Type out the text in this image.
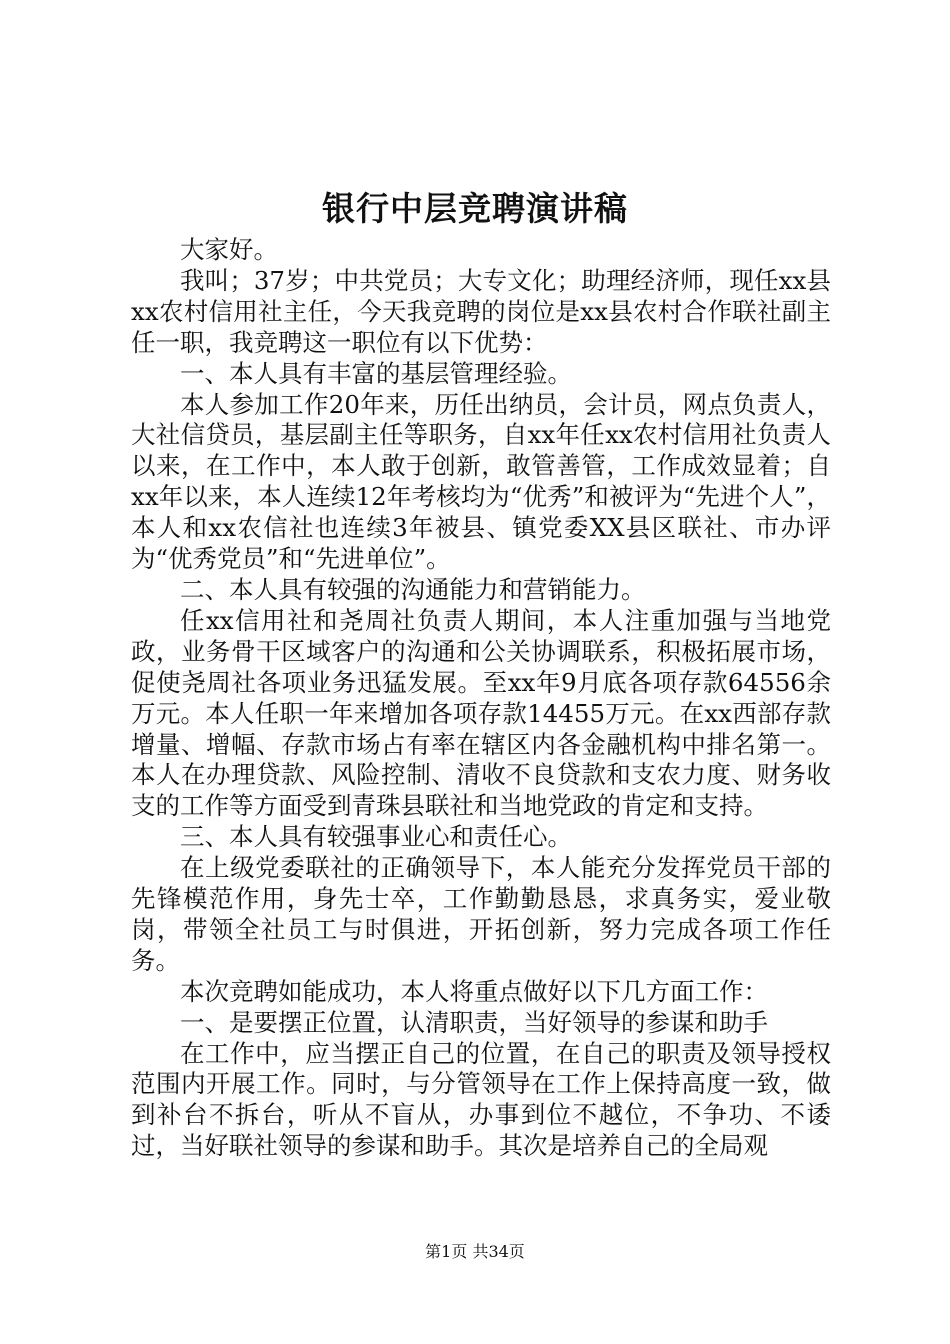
银行中层竞聘演讲稿

大家好。

我叫；37岁；中共党员；大专文化；助理经济师，现任xx县xx农村信用社主任，今天我竞聘的岗位是xx县农村合作联社副主任一职，我竞聘这一职位有以下优势：

一、本人具有丰富的基层管理经验。

本人参加工作20年来，历任出纳员，会计员，网点负责人，大社信贷员，基层副主任等职务，自xx年任xx农村信用社负责人以来，在工作中，本人敢于创新，敢管善管，工作成效显着；自xx年以来，本人连续12年考核均为“优秀”和被评为“先进个人”，本人和xx农信社也连续3年被县、镇党委XX县区联社、市办评为“优秀党员”和“先进单位”。

二、本人具有较强的沟通能力和营销能力。

任xx信用社和尧周社负责人期间，本人注重加强与当地党政，业务骨干区域客户的沟通和公关协调联系，积极拓展市场，促使尧周社各项业务迅猛发展。至xx年9月底各项存款64556余万元。本人任职一年来增加各项存款14455万元。在xx西部存款增量、增幅、存款市场占有率在辖区内各金融机构中排名第一。本人在办理贷款、风险控制、清收不良贷款和支农力度、财务收支的工作等方面受到青珠县联社和当地党政的肯定和支持。

三、本人具有较强事业心和责任心。

在上级党委联社的正确领导下，本人能充分发挥党员干部的先锋模范作用，身先士卒，工作勤勤恳恳，求真务实，爱业敬岗，带领全社员工与时俱进，开拓创新，努力完成各项工作任务。

本次竞聘如能成功，本人将重点做好以下几方面工作：

一、是要摆正位置，认清职责，当好领导的参谋和助手

在工作中，应当摆正自己的位置，在自己的职责及领导授权范围内开展工作。同时，与分管领导在工作上保持高度一致，做到补台不拆台，听从不盲从，办事到位不越位，不争功、不诿过，当好联社领导的参谋和助手。其次是培养自己的全局观

第1页 共34页
